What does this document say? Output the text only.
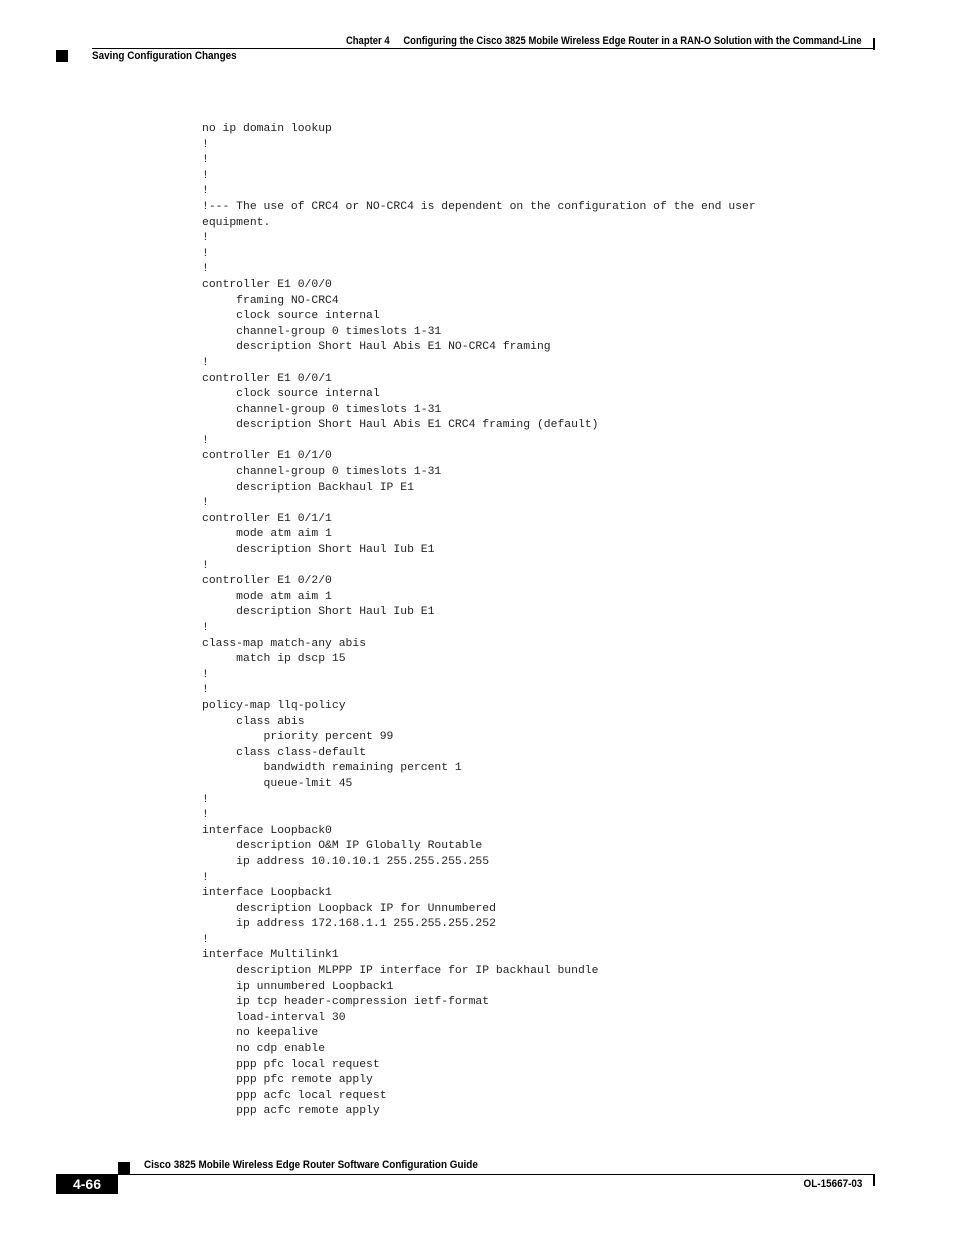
Chapter 4 Configuring the Cisco 3825 Mobile Wireless Edge Router in a RAN-O Solution with the Command-Line
Saving Configuration Changes
no ip domain lookup
!
!
!
!
!--- The use of CRC4 or NO-CRC4 is dependent on the configuration of the end user
equipment.
!
!
!
controller E1 0/0/0
framing NO-CRC4
clock source internal
channel-group 0 timeslots 1-31
description Short Haul Abis E1 NO-CRC4 framing
!
controller E1 0/0/1
clock source internal
channel-group 0 timeslots 1-31
description Short Haul Abis E1 CRC4 framing (default)
!
controller E1 0/1/0
channel-group 0 timeslots 1-31
description Backhaul IP E1
!
controller E1 0/1/1
mode atm aim 1
description Short Haul Iub E1
!
controller E1 0/2/0
mode atm aim 1
description Short Haul Iub E1
!
class-map match-any abis
match ip dscp 15
!
!
policy-map llq-policy
class abis
priority percent 99
class class-default
bandwidth remaining percent 1
queue-lmit 45
!
!
interface Loopback0
description O&M IP Globally Routable
ip address 10.10.10.1 255.255.255.255
!
interface Loopback1
description Loopback IP for Unnumbered
ip address 172.168.1.1 255.255.255.252
!
interface Multilink1
description MLPPP IP interface for IP backhaul bundle
ip unnumbered Loopback1
ip tcp header-compression ietf-format
load-interval 30
no keepalive
no cdp enable
ppp pfc local request
ppp pfc remote apply
ppp acfc local request
ppp acfc remote apply
Cisco 3825 Mobile Wireless Edge Router Software Configuration Guide
4-66	OL-15667-03
